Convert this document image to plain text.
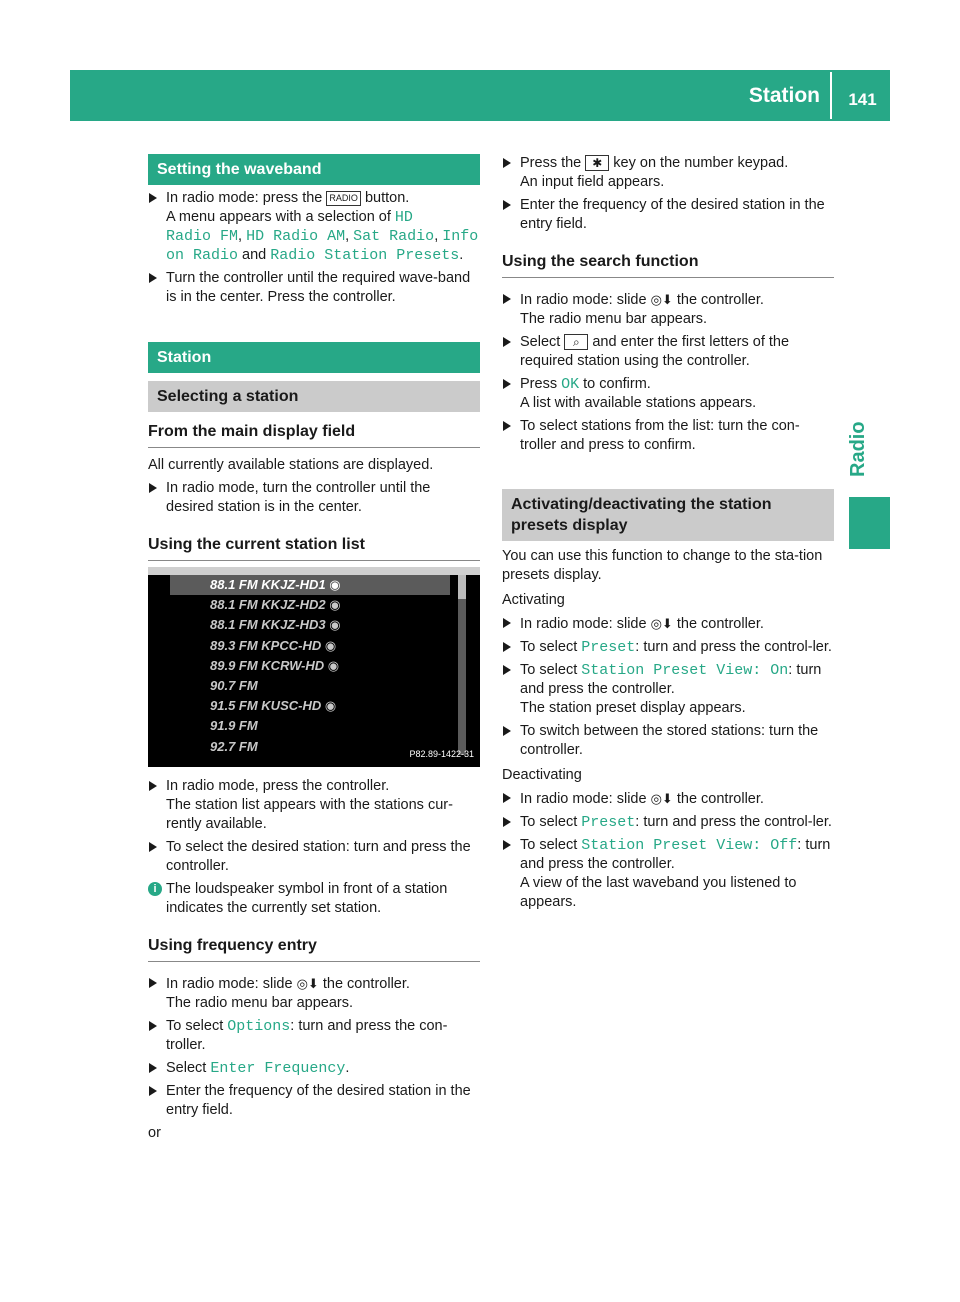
Station	141
Radio
Setting the waveband
In radio mode: press the RADIO button.
A menu appears with a selection of HD
Radio FM, HD Radio AM, Sat Radio, Info
on Radio and Radio Station Presets.
Turn the controller until the required wave-band is in the center. Press the controller.
Station
Selecting a station
From the main display field

All currently available stations are displayed.

In radio mode, turn the controller until the desired station is in the center.
Using the current station list
88.1 FM KKJZ-HD1 ◉
88.1 FM KKJZ-HD2 ◉
88.1 FM KKJZ-HD3 ◉
89.3 FM KPCC-HD ◉
89.9 FM KCRW-HD ◉
90.7 FM
91.5 FM KUSC-HD ◉
91.9 FM
92.7 FM
P82.89-1422-31
In radio mode, press the controller.
The station list appears with the stations cur-rently available.
To select the desired station: turn and press the controller.
i The loudspeaker symbol in front of a station indicates the currently set station.
Using frequency entry
In radio mode: slide ◎⬇ the controller.
The radio menu bar appears.
To select Options: turn and press the con-troller.
Select Enter Frequency.
Enter the frequency of the desired station in the entry field.

or

Press the ✱ key on the number keypad.
An input field appears.
Enter the frequency of the desired station in the entry field.
Using the search function
In radio mode: slide ◎⬇ the controller.
The radio menu bar appears.
Select ⌕ and enter the first letters of the required station using the controller.
Press OK to confirm.
A list with available stations appears.
To select stations from the list: turn the con-troller and press to confirm.
Activating/deactivating the station
presets display

You can use this function to change to the sta-tion presets display.

Activating

In radio mode: slide ◎⬇ the controller.
To select Preset: turn and press the control-ler.
To select Station Preset View: On: turn and press the controller.
The station preset display appears.
To switch between the stored stations: turn the controller.

Deactivating

In radio mode: slide ◎⬇ the controller.
To select Preset: turn and press the control-ler.
To select Station Preset View: Off: turn and press the controller.
A view of the last waveband you listened to appears.
